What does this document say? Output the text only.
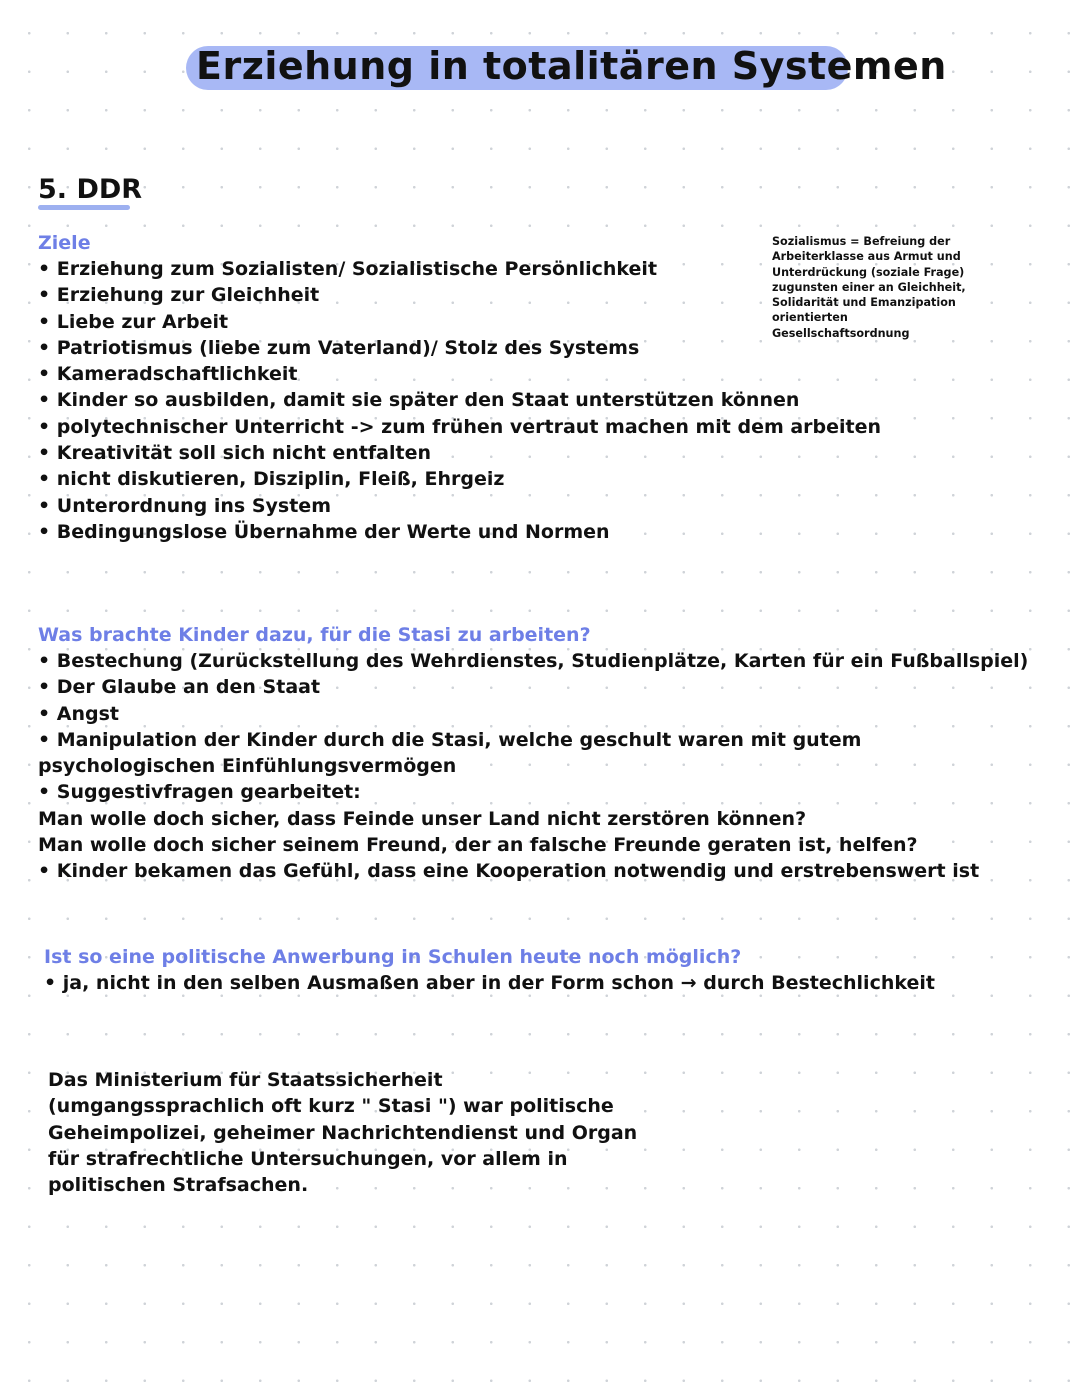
Erziehung in totalitären Systemen
5. DDR
Ziele
• Erziehung zum Sozialisten/ Sozialistische Persönlichkeit
• Erziehung zur Gleichheit
• Liebe zur Arbeit
• Patriotismus (liebe zum Vaterland)/ Stolz des Systems
• Kameradschaftlichkeit
• Kinder so ausbilden, damit sie später den Staat unterstützen können
• polytechnischer Unterricht -> zum frühen vertraut machen mit dem arbeiten
• Kreativität soll sich nicht entfalten
• nicht diskutieren, Disziplin, Fleiß, Ehrgeiz
• Unterordnung ins System
• Bedingungslose Übernahme der Werte und Normen
Sozialismus = Befreiung der Arbeiterklasse aus Armut und Unterdrückung (soziale Frage) zugunsten einer an Gleichheit, Solidarität und Emanzipation orientierten Gesellschaftsordnung
Was brachte Kinder dazu, für die Stasi zu arbeiten?

• Bestechung (Zurückstellung des Wehrdienstes, Studienplätze, Karten für ein Fußballspiel)

• Der Glaube an den Staat

• Angst

• Manipulation der Kinder durch die Stasi, welche geschult waren mit gutem

psychologischen Einfühlungsvermögen

• Suggestivfragen gearbeitet:

Man wolle doch sicher, dass Feinde unser Land nicht zerstören können?

Man wolle doch sicher seinem Freund, der an falsche Freunde geraten ist, helfen?

• Kinder bekamen das Gefühl, dass eine Kooperation notwendig und erstrebenswert ist

Ist so eine politische Anwerbung in Schulen heute noch möglich?

• ja, nicht in den selben Ausmaßen aber in der Form schon → durch Bestechlichkeit

Das Ministerium für Staatssicherheit

(umgangssprachlich oft kurz " Stasi ") war politische

Geheimpolizei, geheimer Nachrichtendienst und Organ

für strafrechtliche Untersuchungen, vor allem in

politischen Strafsachen.
